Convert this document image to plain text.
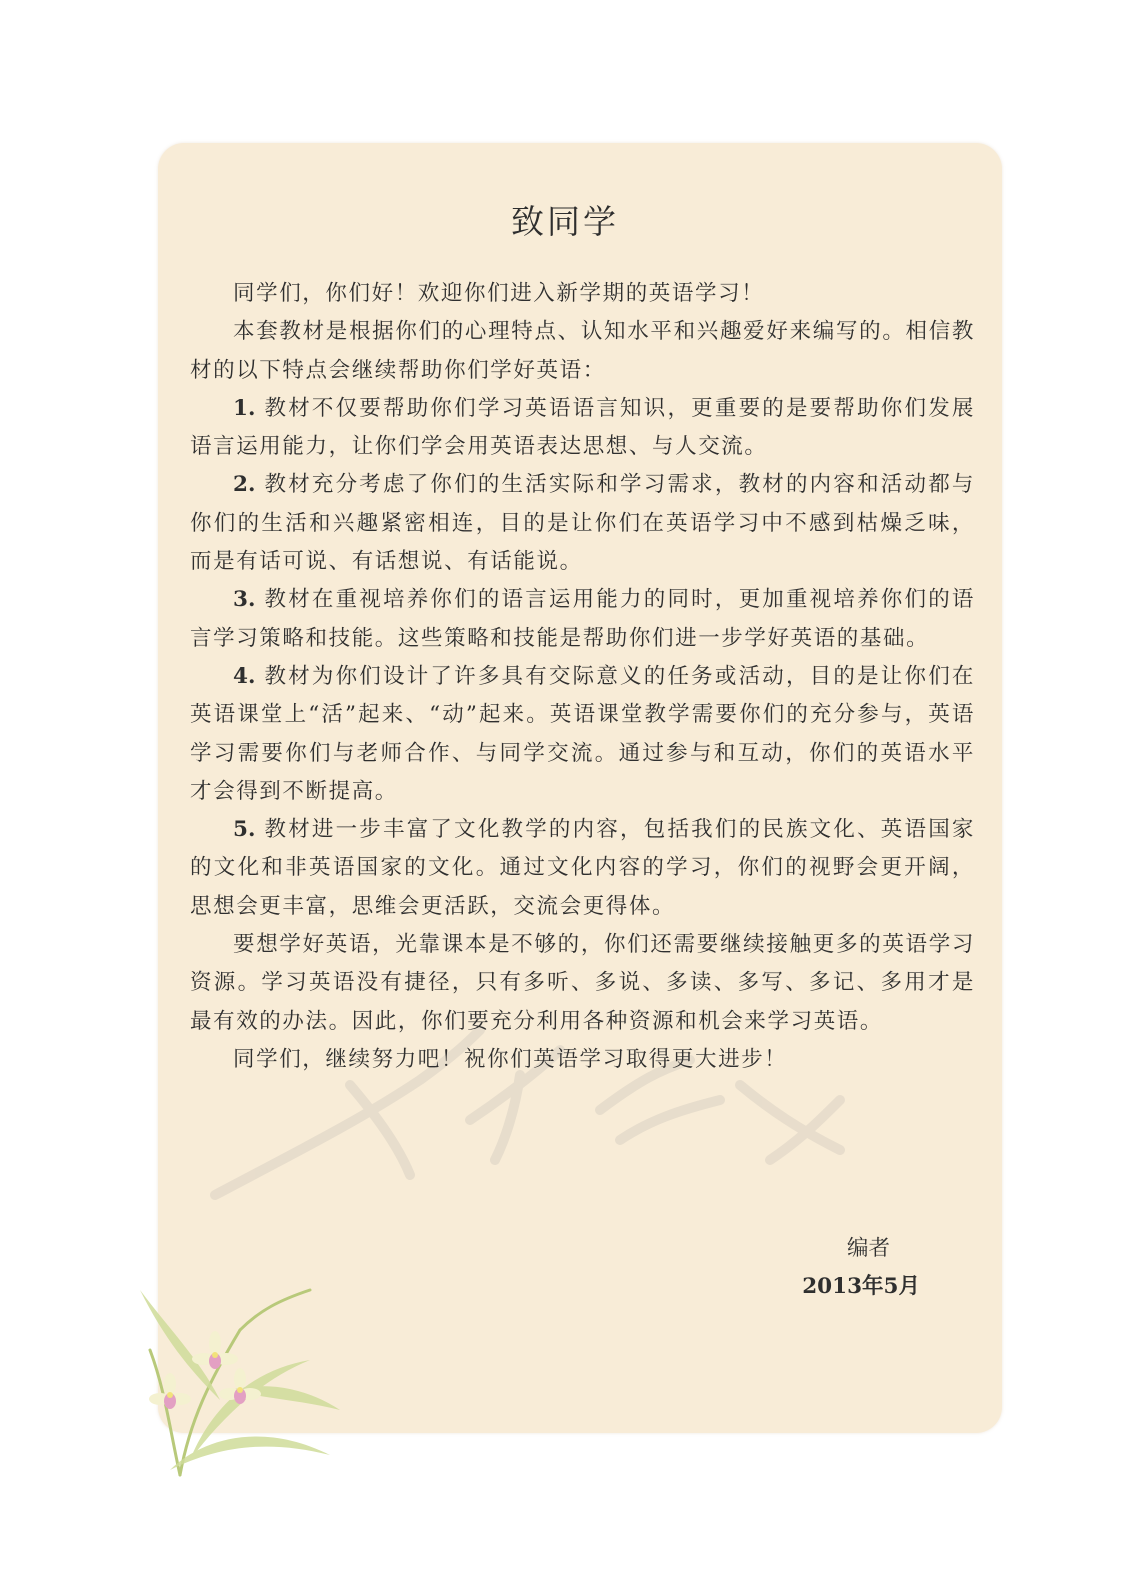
致同学

同学们，你们好！欢迎你们进入新学期的英语学习！

本套教材是根据你们的心理特点、认知水平和兴趣爱好来编写的。相信教材的以下特点会继续帮助你们学好英语：

1. 教材不仅要帮助你们学习英语语言知识，更重要的是要帮助你们发展语言运用能力，让你们学会用英语表达思想、与人交流。

2. 教材充分考虑了你们的生活实际和学习需求，教材的内容和活动都与你们的生活和兴趣紧密相连，目的是让你们在英语学习中不感到枯燥乏味，而是有话可说、有话想说、有话能说。

3. 教材在重视培养你们的语言运用能力的同时，更加重视培养你们的语言学习策略和技能。这些策略和技能是帮助你们进一步学好英语的基础。

4. 教材为你们设计了许多具有交际意义的任务或活动，目的是让你们在英语课堂上“活”起来、“动”起来。英语课堂教学需要你们的充分参与，英语学习需要你们与老师合作、与同学交流。通过参与和互动，你们的英语水平才会得到不断提高。

5. 教材进一步丰富了文化教学的内容，包括我们的民族文化、英语国家的文化和非英语国家的文化。通过文化内容的学习，你们的视野会更开阔，思想会更丰富，思维会更活跃，交流会更得体。

要想学好英语，光靠课本是不够的，你们还需要继续接触更多的英语学习资源。学习英语没有捷径，只有多听、多说、多读、多写、多记、多用才是最有效的办法。因此，你们要充分利用各种资源和机会来学习英语。

同学们，继续努力吧！祝你们英语学习取得更大进步！

编者
2013年5月
